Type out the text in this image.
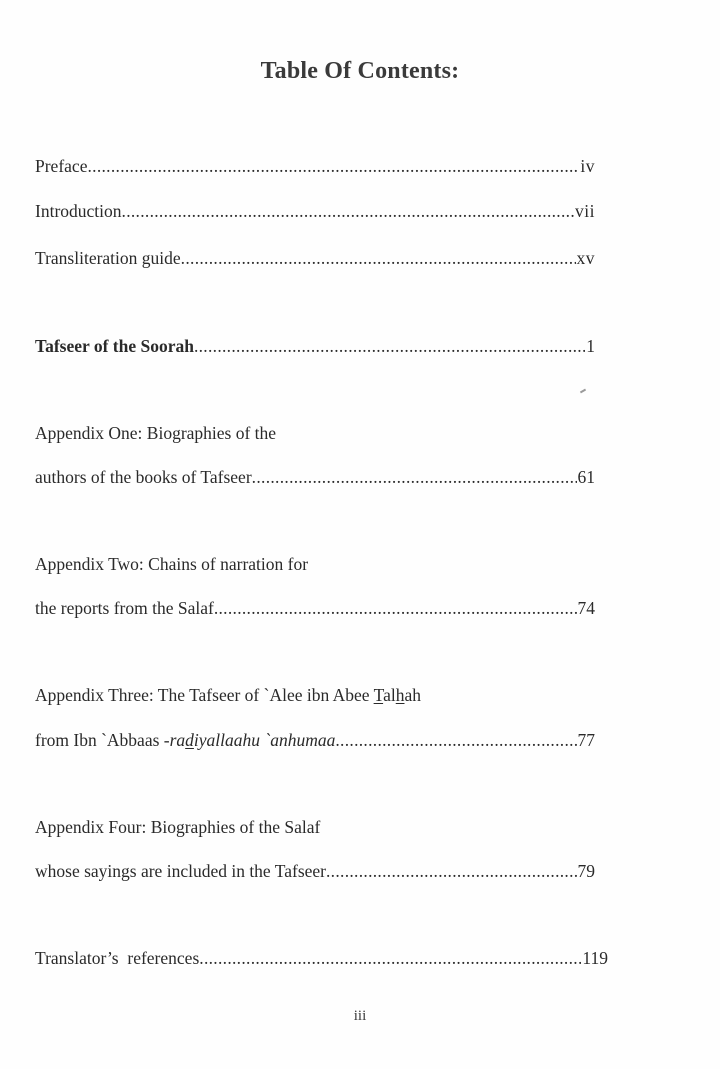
Table Of Contents:
Preface .....	iv
Introduction .....	vii
Transliteration guide .....	xv
Tafseer of the Soorah .....	1
Appendix One: Biographies of the
authors of the books of Tafseer .....	61
Appendix Two: Chains of narration for
the reports from the Salaf .....	74
Appendix Three: The Tafseer of `Alee ibn Abee Talhah
from Ibn `Abbaas -radiyallaahu `anhumaa .....	77
Appendix Four: Biographies of the Salaf
whose sayings are included in the Tafseer .....	79
Translator’s  references .....	119
iii
